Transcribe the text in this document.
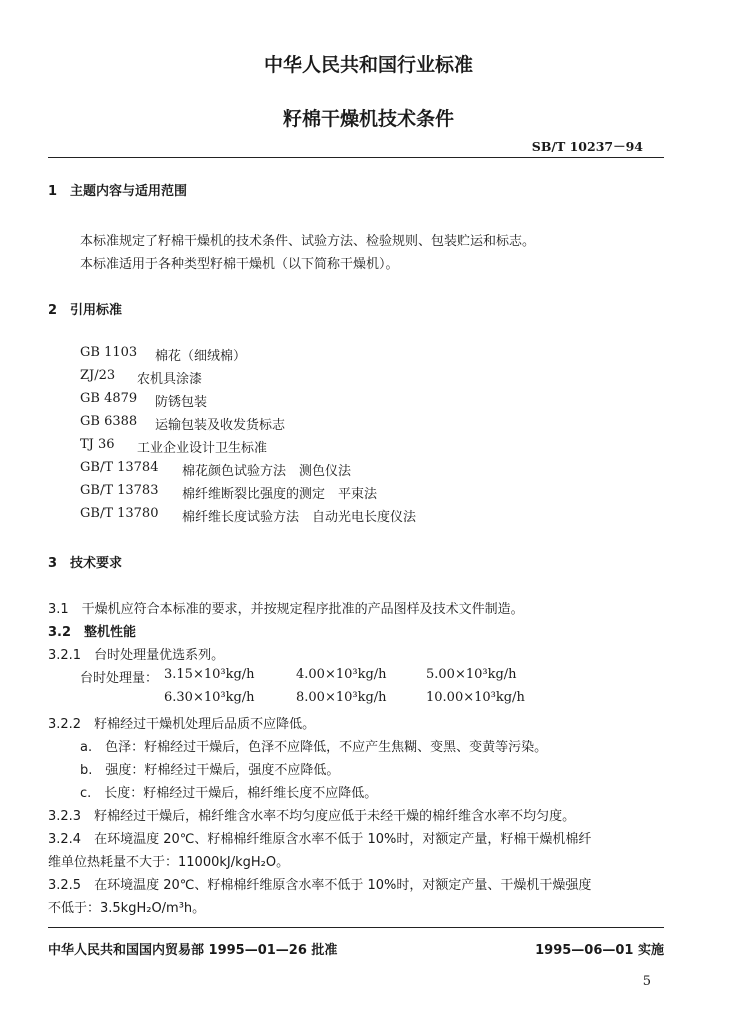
中华人民共和国行业标准
籽棉干燥机技术条件
SB/T 10237－94
1　主题内容与适用范围
本标准规定了籽棉干燥机的技术条件、试验方法、检验规则、包装贮运和标志。
本标准适用于各种类型籽棉干燥机（以下简称干燥机）。
2　引用标准
GB 1103 棉花（细绒棉）
ZJ/23 农机具涂漆
GB 4879 防锈包装
GB 6388 运输包装及收发货标志
TJ 36 工业企业设计卫生标准
GB/T 13784 棉花颜色试验方法　测色仪法
GB/T 13783 棉纤维断裂比强度的测定　平束法
GB/T 13780 棉纤维长度试验方法　自动光电长度仪法
3　技术要求
3.1　干燥机应符合本标准的要求，并按规定程序批准的产品图样及技术文件制造。
3.2　整机性能
3.2.1　台时处理量优选系列。
台时处理量： 3.15×10³kg/h	4.00×10³kg/h	5.00×10³kg/h
6.30×10³kg/h	8.00×10³kg/h	10.00×10³kg/h
3.2.2　籽棉经过干燥机处理后品质不应降低。
a.　色泽：籽棉经过干燥后，色泽不应降低，不应产生焦糊、变黑、变黄等污染。
b.　强度：籽棉经过干燥后，强度不应降低。
c.　长度：籽棉经过干燥后，棉纤维长度不应降低。
3.2.3　籽棉经过干燥后，棉纤维含水率不均匀度应低于未经干燥的棉纤维含水率不均匀度。
3.2.4　在环境温度 20℃、籽棉棉纤维原含水率不低于 10%时，对额定产量，籽棉干燥机棉纤
维单位热耗量不大于：11000kJ/kgH₂O。
3.2.5　在环境温度 20℃、籽棉棉纤维原含水率不低于 10%时，对额定产量、干燥机干燥强度
不低于：3.5kgH₂O/m³h。
中华人民共和国国内贸易部 1995—01—26 批准	1995—06—01 实施
5
